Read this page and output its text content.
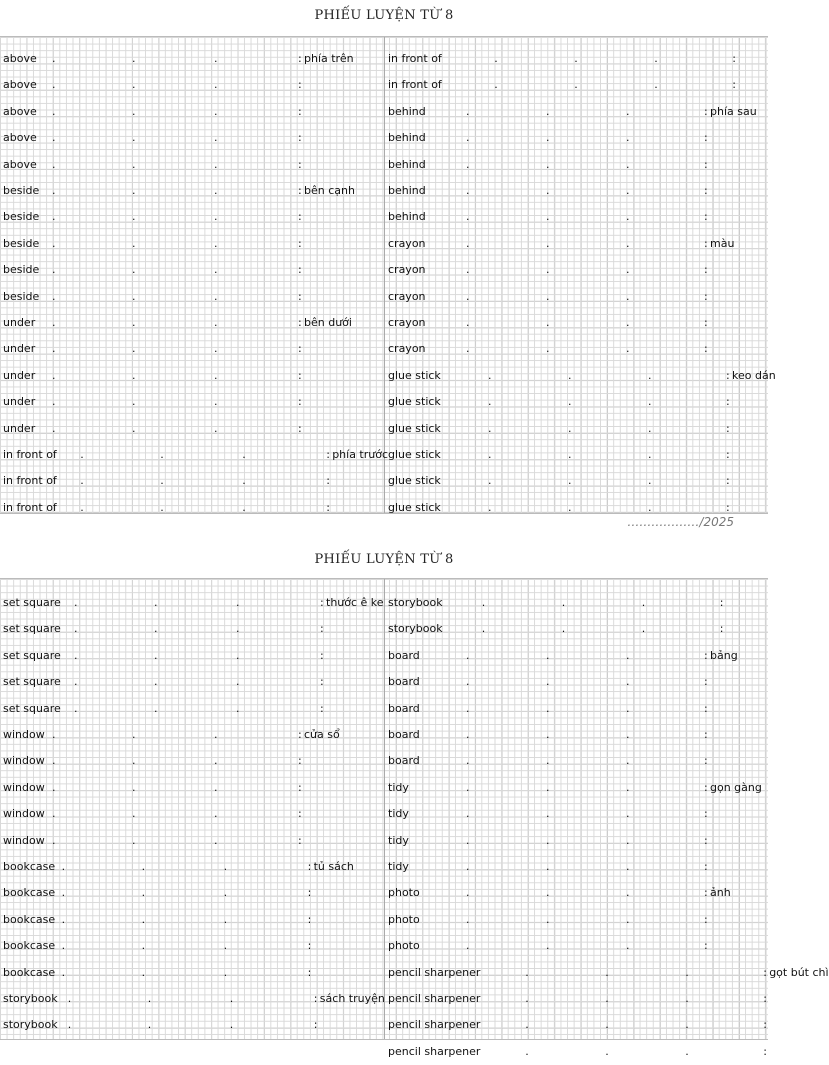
PHIẾU LUYỆN TỪ 8
above .	.	.	: phía trên
above .	.	.	:
above .	.	.	:
above .	.	.	:
above .	.	.	:
beside .	.	.	: bên cạnh
beside .	.	.	:
beside .	.	.	:
beside .	.	.	:
beside .	.	.	:
under .	.	.	: bên dưới
under .	.	.	:
under .	.	.	:
under .	.	.	:
under .	.	.	:
in front of .	.	.	: phía trước
in front of .	.	.	:
in front of .	.	.	:
in front of	.	.	.	:
in front of	.	.	.	:
behind	.	.	.	: phía sau
behind	.	.	.	:
behind	.	.	.	:
behind	.	.	.	:
behind	.	.	.	:
crayon	.	.	.	: màu
crayon	.	.	.	:
crayon	.	.	.	:
crayon	.	.	.	:
crayon	.	.	.	:
glue stick	.	.	.	: keo dán
glue stick	.	.	.	:
glue stick	.	.	.	:
glue stick	.	.	.	:
glue stick	.	.	.	:
glue stick	.	.	.	:
………………/2025
PHIẾU LUYỆN TỪ 8
set square .	.	.	: thước ê ke
set square .	.	.	:
set square .	.	.	:
set square .	.	.	:
set square .	.	.	:
window .	.	.	: cửa sổ
window .	.	.	:
window .	.	.	:
window .	.	.	:
window .	.	.	:
bookcase .	.	.	: tủ sách
bookcase .	.	.	:
bookcase .	.	.	:
bookcase .	.	.	:
bookcase .	.	.	:
storybook .	.	.	: sách truyện
storybook .	.	.	:
storybook	.	.	.	:
storybook	.	.	.	:
board	.	.	.	: bảng
board	.	.	.	:
board	.	.	.	:
board	.	.	.	:
board	.	.	.	:
tidy	.	.	.	: gọn gàng
tidy	.	.	.	:
tidy	.	.	.	:
tidy	.	.	.	:
photo	.	.	.	: ảnh
photo	.	.	.	:
photo	.	.	.	:
pencil sharpener	.	.	.	: gọt bút chì
pencil sharpener	.	.	.	:
pencil sharpener	.	.	.	:
pencil sharpener	.	.	.	:
